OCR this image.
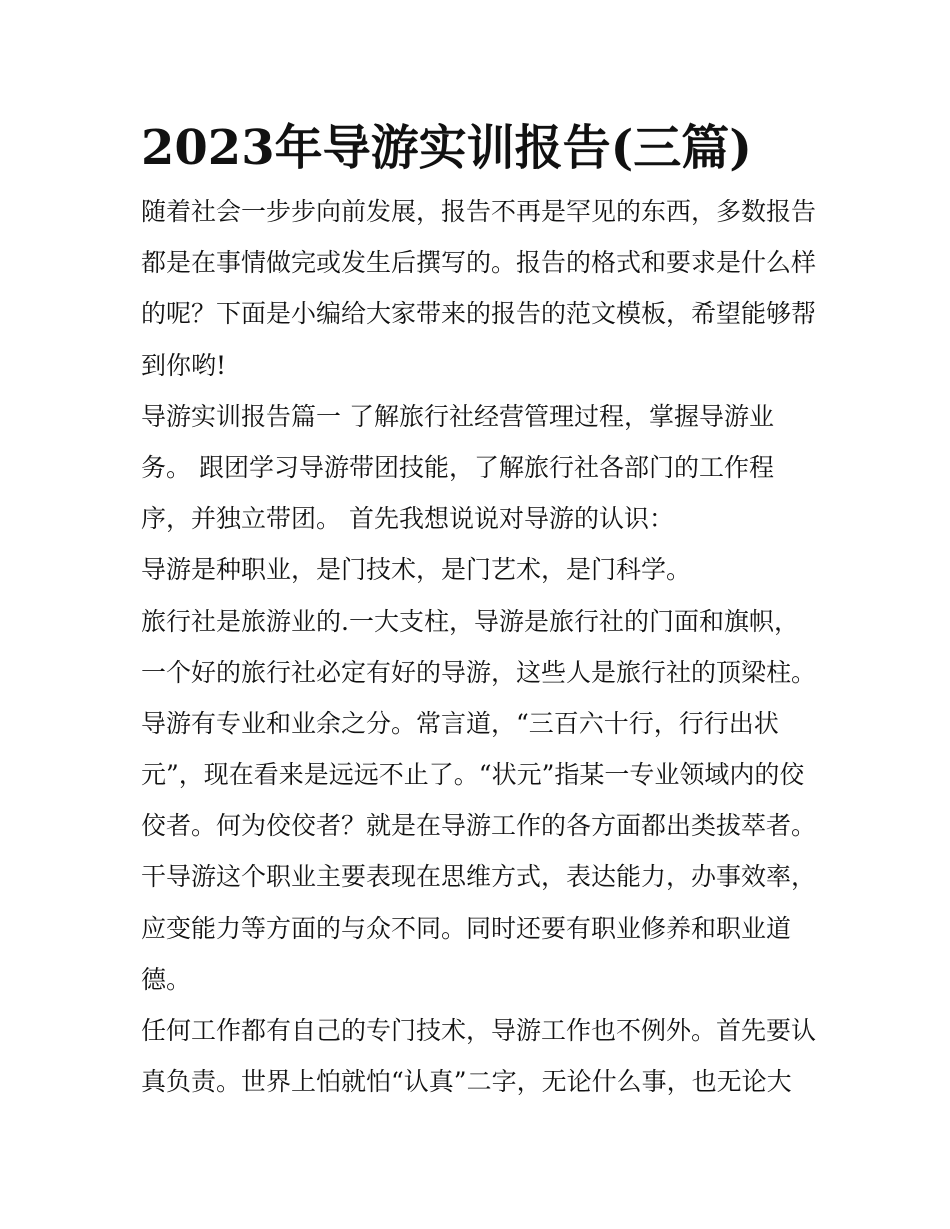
2023年导游实训报告(三篇)

随着社会一步步向前发展，报告不再是罕见的东西，多数报告
都是在事情做完或发生后撰写的。报告的格式和要求是什么样
的呢？下面是小编给大家带来的报告的范文模板，希望能够帮
到你哟!

导游实训报告篇一 了解旅行社经营管理过程，掌握导游业
务。 跟团学习导游带团技能，了解旅行社各部门的工作程
序，并独立带团。 首先我想说说对导游的认识：

导游是种职业，是门技术，是门艺术，是门科学。

旅行社是旅游业的.一大支柱，导游是旅行社的门面和旗帜，
一个好的旅行社必定有好的导游，这些人是旅行社的顶梁柱。

导游有专业和业余之分。常言道，“三百六十行，行行出状
元”，现在看来是远远不止了。“状元”指某一专业领域内的佼
佼者。何为佼佼者？就是在导游工作的各方面都出类拔萃者。
干导游这个职业主要表现在思维方式，表达能力，办事效率，
应变能力等方面的与众不同。同时还要有职业修养和职业道
德。

任何工作都有自己的专门技术，导游工作也不例外。首先要认
真负责。世界上怕就怕“认真”二字，无论什么事，也无论大
